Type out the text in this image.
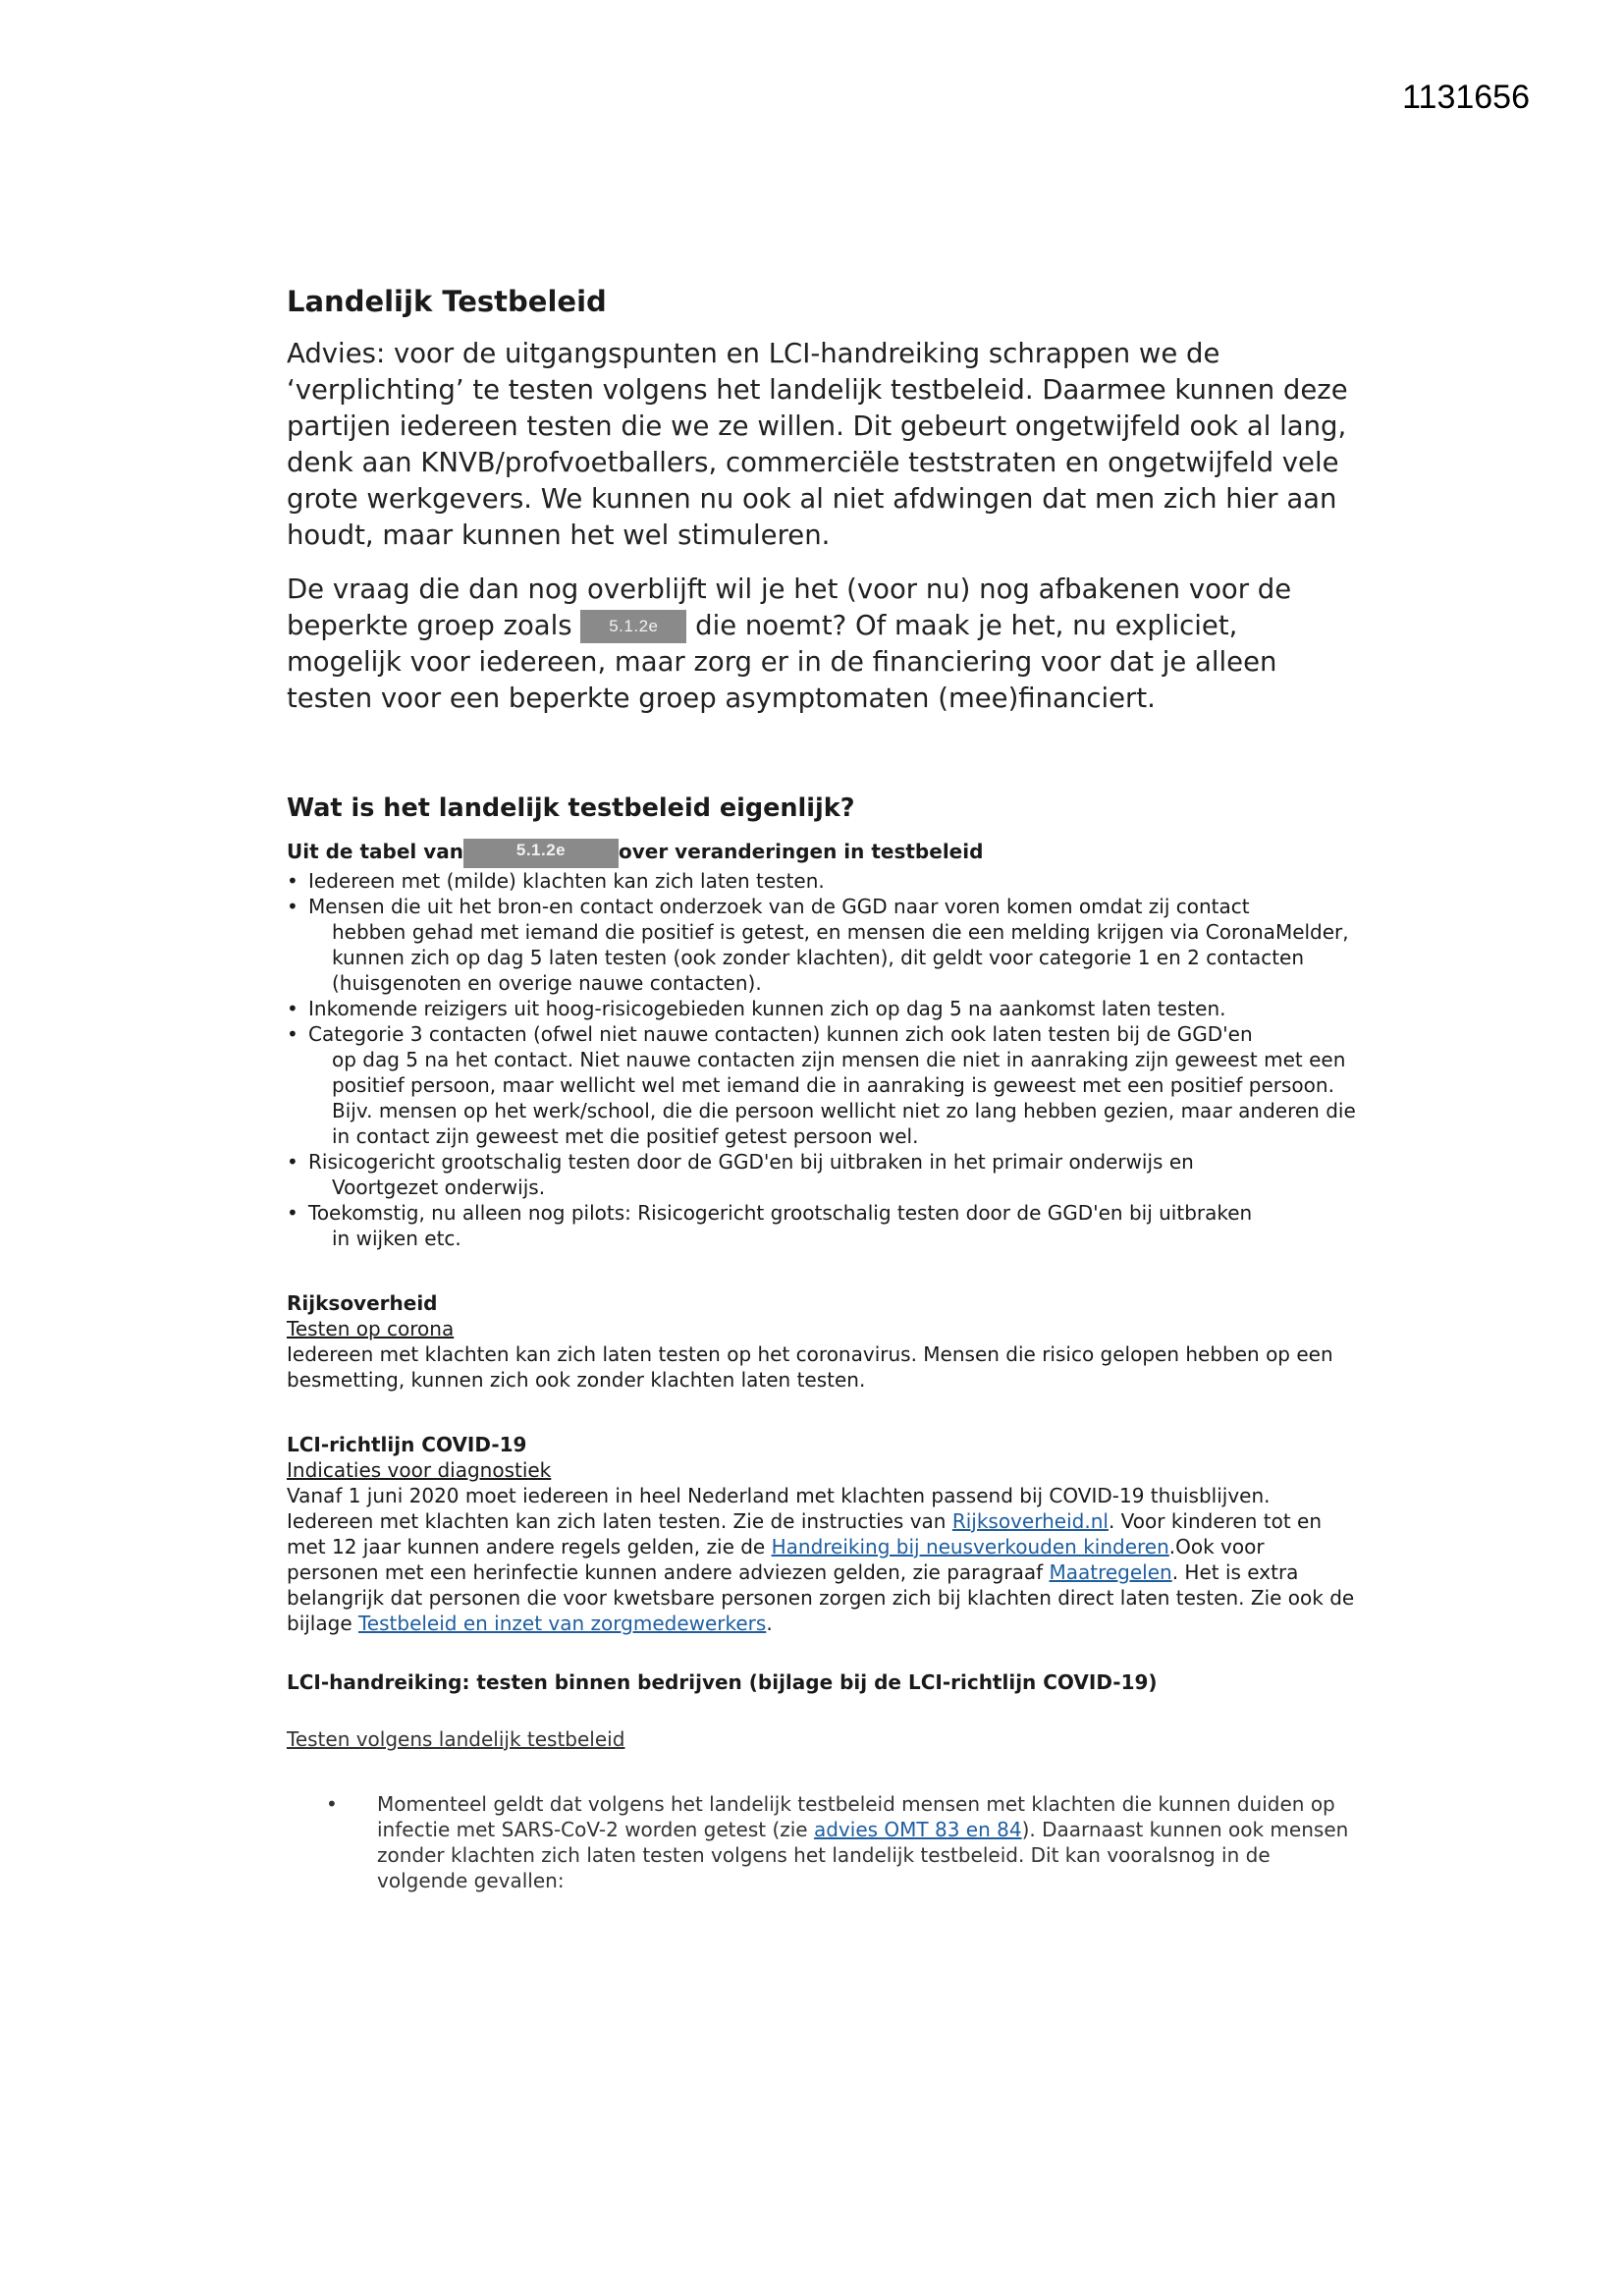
1131656
Landelijk Testbeleid

Advies: voor de uitgangspunten en LCI-handreiking schrappen we de ‘verplichting’ te testen volgens het landelijk testbeleid. Daarmee kunnen deze partijen iedereen testen die we ze willen. Dit gebeurt ongetwijfeld ook al lang, denk aan KNVB/profvoetballers, commerciële teststraten en ongetwijfeld vele grote werkgevers. We kunnen nu ook al niet afdwingen dat men zich hier aan houdt, maar kunnen het wel stimuleren.

De vraag die dan nog overblijft wil je het (voor nu) nog afbakenen voor de beperkte groep zoals 5.1.2e die noemt? Of maak je het, nu expliciet, mogelijk voor iedereen, maar zorg er in de financiering voor dat je alleen testen voor een beperkte groep asymptomaten (mee)financiert.

Wat is het landelijk testbeleid eigenlijk?

Uit de tabel van	5.1.2e	over veranderingen in testbeleid

• Iedereen met (milde) klachten kan zich laten testen.
• Mensen die uit het bron-en contact onderzoek van de GGD naar voren komen omdat zij contact
hebben gehad met iemand die positief is getest, en mensen die een melding krijgen via CoronaMelder, kunnen zich op dag 5 laten testen (ook zonder klachten), dit geldt voor categorie 1 en 2 contacten (huisgenoten en overige nauwe contacten).
• Inkomende reizigers uit hoog-risicogebieden kunnen zich op dag 5 na aankomst laten testen.
• Categorie 3 contacten (ofwel niet nauwe contacten) kunnen zich ook laten testen bij de GGD'en
op dag 5 na het contact. Niet nauwe contacten zijn mensen die niet in aanraking zijn geweest met een positief persoon, maar wellicht wel met iemand die in aanraking is geweest met een positief persoon. Bijv. mensen op het werk/school, die die persoon wellicht niet zo lang hebben gezien, maar anderen die in contact zijn geweest met die positief getest persoon wel.
• Risicogericht grootschalig testen door de GGD'en bij uitbraken in het primair onderwijs en
Voortgezet onderwijs.
• Toekomstig, nu alleen nog pilots: Risicogericht grootschalig testen door de GGD'en bij uitbraken
in wijken etc.
Rijksoverheid
Testen op corona
Iedereen met klachten kan zich laten testen op het coronavirus. Mensen die risico gelopen hebben op een besmetting, kunnen zich ook zonder klachten laten testen.
LCI-richtlijn COVID-19
Indicaties voor diagnostiek
Vanaf 1 juni 2020 moet iedereen in heel Nederland met klachten passend bij COVID-19 thuisblijven. Iedereen met klachten kan zich laten testen. Zie de instructies van Rijksoverheid.nl. Voor kinderen tot en met 12 jaar kunnen andere regels gelden, zie de Handreiking bij neusverkouden kinderen.Ook voor personen met een herinfectie kunnen andere adviezen gelden, zie paragraaf Maatregelen. Het is extra belangrijk dat personen die voor kwetsbare personen zorgen zich bij klachten direct laten testen. Zie ook de bijlage Testbeleid en inzet van zorgmedewerkers.
LCI-handreiking: testen binnen bedrijven (bijlage bij de LCI-richtlijn COVID-19)
Testen volgens landelijk testbeleid
•	Momenteel geldt dat volgens het landelijk testbeleid mensen met klachten die kunnen duiden op infectie met SARS-CoV-2 worden getest (zie advies OMT 83 en 84). Daarnaast kunnen ook mensen zonder klachten zich laten testen volgens het landelijk testbeleid. Dit kan vooralsnog in de volgende gevallen:
